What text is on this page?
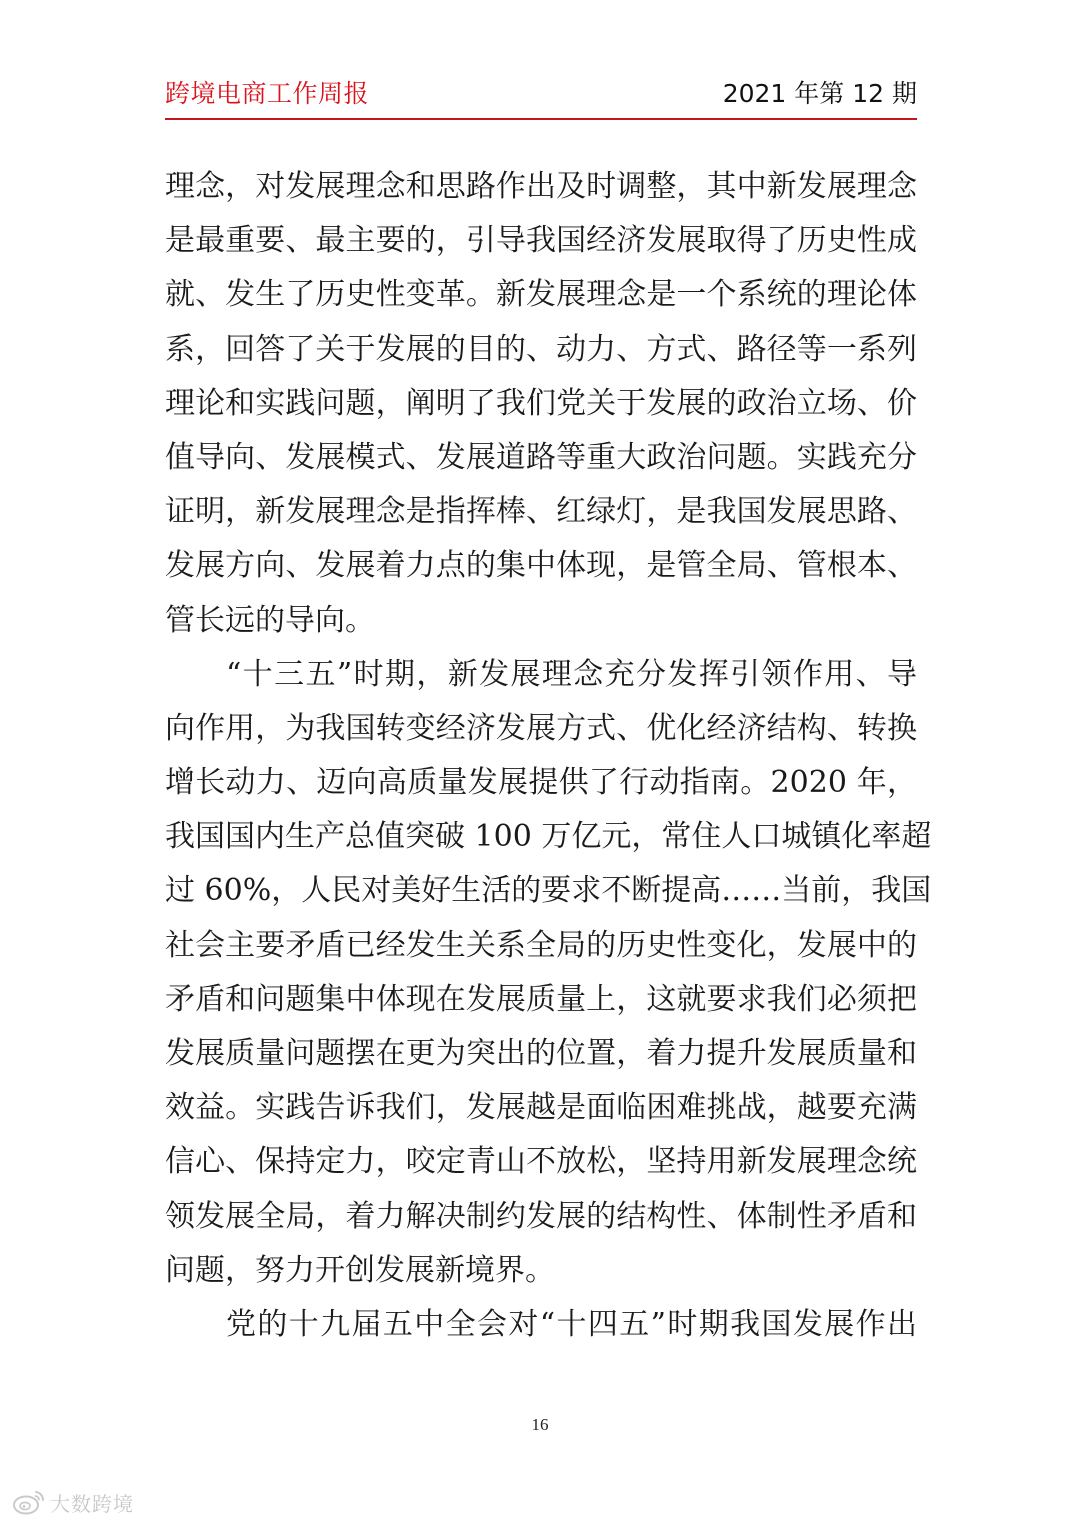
跨境电商工作周报	2021 年第 12 期
理念，对发展理念和思路作出及时调整，其中新发展理念
是最重要、最主要的，引导我国经济发展取得了历史性成
就、发生了历史性变革。新发展理念是一个系统的理论体
系，回答了关于发展的目的、动力、方式、路径等一系列
理论和实践问题，阐明了我们党关于发展的政治立场、价
值导向、发展模式、发展道路等重大政治问题。实践充分
证明，新发展理念是指挥棒、红绿灯，是我国发展思路、
发展方向、发展着力点的集中体现，是管全局、管根本、
管长远的导向。
“十三五”时期，新发展理念充分发挥引领作用、导
向作用，为我国转变经济发展方式、优化经济结构、转换
增长动力、迈向高质量发展提供了行动指南。2020 年，
我国国内生产总值突破 100 万亿元，常住人口城镇化率超
过 60%，人民对美好生活的要求不断提高……当前，我国
社会主要矛盾已经发生关系全局的历史性变化，发展中的
矛盾和问题集中体现在发展质量上，这就要求我们必须把
发展质量问题摆在更为突出的位置，着力提升发展质量和
效益。实践告诉我们，发展越是面临困难挑战，越要充满
信心、保持定力，咬定青山不放松，坚持用新发展理念统
领发展全局，着力解决制约发展的结构性、体制性矛盾和
问题，努力开创发展新境界。
党的十九届五中全会对“十四五”时期我国发展作出
16
大数跨境
